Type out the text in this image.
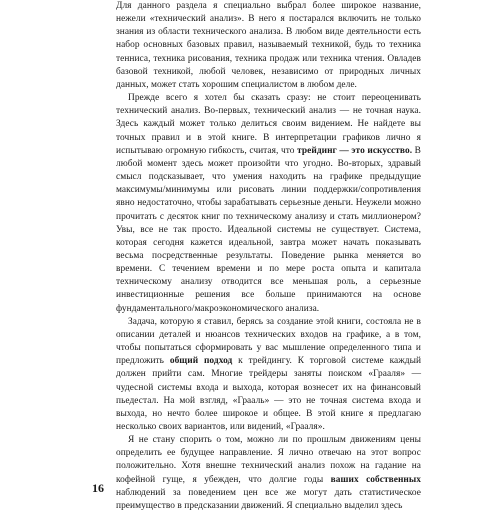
Для данного раздела я специально выбрал более широкое название, нежели «технический анализ». В него я постарался включить не только знания из области технического анализа. В любом виде деятельности есть набор основных базовых правил, называемый техникой, будь то техника тенниса, техника рисования, техника продаж или техника чтения. Овладев базовой техникой, любой человек, независимо от природных личных данных, может стать хорошим специалистом в любом деле.

Прежде всего я хотел бы сказать сразу: не стоит переоценивать технический анализ. Во-первых, технический анализ — не точная наука. Здесь каждый может только делиться своим видением. Не найдете вы точных правил и в этой книге. В интерпретации графиков лично я испытываю огромную гибкость, считая, что трейдинг — это искусство. В любой момент здесь может произойти что угодно. Во-вторых, здравый смысл подсказывает, что умения находить на графике предыдущие максимумы/минимумы или рисовать линии поддержки/сопротивления явно недостаточно, чтобы зарабатывать серьезные деньги. Неужели можно прочитать с десяток книг по техническому анализу и стать миллионером? Увы, все не так просто. Идеальной системы не существует. Система, которая сегодня кажется идеальной, завтра может начать показывать весьма посредственные результаты. Поведение рынка меняется во времени. С течением времени и по мере роста опыта и капитала техническому анализу отводится все меньшая роль, а серьезные инвестиционные решения все больше принимаются на основе фундаментального/макроэкономического анализа.

Задача, которую я ставил, берясь за создание этой книги, состояла не в описании деталей и нюансов технических входов на графике, а в том, чтобы попытаться сформировать у вас мышление определенного типа и предложить общий подход к трейдингу. К торговой системе каждый должен прийти сам. Многие трейдеры заняты поиском «Грааля» — чудесной системы входа и выхода, которая вознесет их на финансовый пьедестал. На мой взгляд, «Грааль» — это не точная система входа и выхода, но нечто более широкое и общее. В этой книге я предлагаю несколько своих вариантов, или видений, «Грааля».

Я не стану спорить о том, можно ли по прошлым движениям цены определить ее будущее направление. Я лично отвечаю на этот вопрос положительно. Хотя внешне технический анализ похож на гадание на кофейной гуще, я убежден, что долгие годы ваших собственных наблюдений за поведением цен все же могут дать статистическое преимущество в предсказании движений. Я специально выделил здесь

16
